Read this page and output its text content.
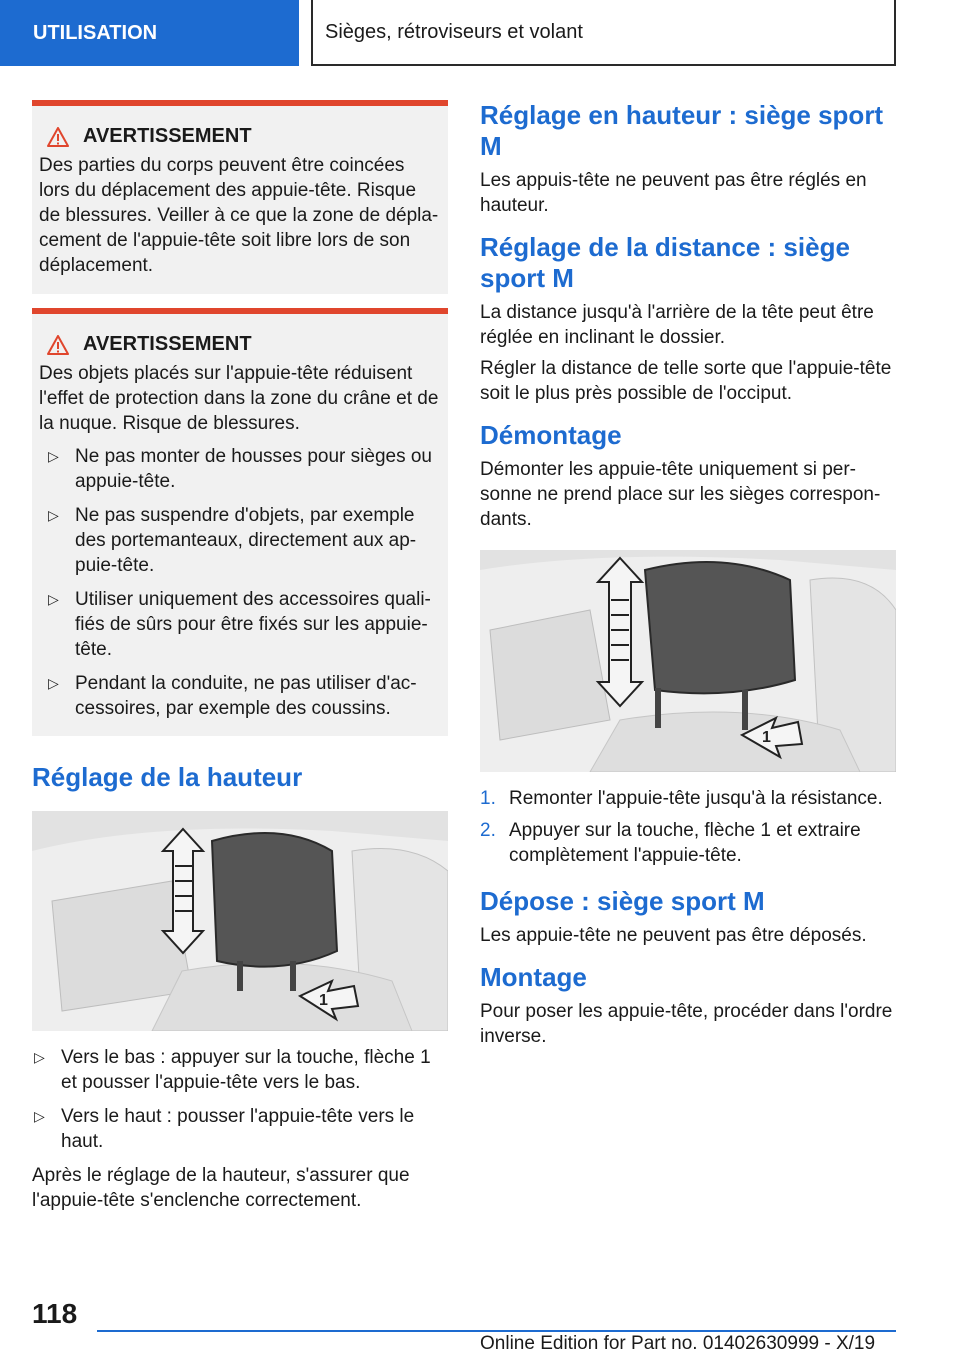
UTILISATION	Sièges, rétroviseurs et volant
AVERTISSEMENT

Des parties du corps peuvent être coincées lors du déplacement des appuie-tête. Risque de blessures. Veiller à ce que la zone de dépla-cement de l'appuie-tête soit libre lors de son déplacement.

AVERTISSEMENT

Des objets placés sur l'appuie-tête réduisent l'effet de protection dans la zone du crâne et de la nuque. Risque de blessures.

▷ Ne pas monter de housses pour sièges ou appuie-tête.
▷ Ne pas suspendre d'objets, par exemple des portemanteaux, directement aux ap-puie-tête.
▷ Utiliser uniquement des accessoires quali-fiés de sûrs pour être fixés sur les appuie-tête.
▷ Pendant la conduite, ne pas utiliser d'ac-cessoires, par exemple des coussins.
Réglage de la hauteur
1
▷ Vers le bas : appuyer sur la touche, flèche 1 et pousser l'appuie-tête vers le bas.
▷ Vers le haut : pousser l'appuie-tête vers le haut.

Après le réglage de la hauteur, s'assurer que l'appuie-tête s'enclenche correctement.

Réglage en hauteur : siège sport M

Les appuis-tête ne peuvent pas être réglés en hauteur.

Réglage de la distance : siège sport M

La distance jusqu'à l'arrière de la tête peut être réglée en inclinant le dossier.

Régler la distance de telle sorte que l'appuie-tête soit le plus près possible de l'occiput.

Démontage

Démonter les appuie-tête uniquement si per-sonne ne prend place sur les sièges correspon-dants.

1
1. Remonter l'appuie-tête jusqu'à la résistance.
2. Appuyer sur la touche, flèche 1 et extraire complètement l'appuie-tête.
Dépose : siège sport M

Les appuie-tête ne peuvent pas être déposés.

Montage

Pour poser les appuie-tête, procéder dans l'ordre inverse.

118
Online Edition for Part no. 01402630999 - X/19
